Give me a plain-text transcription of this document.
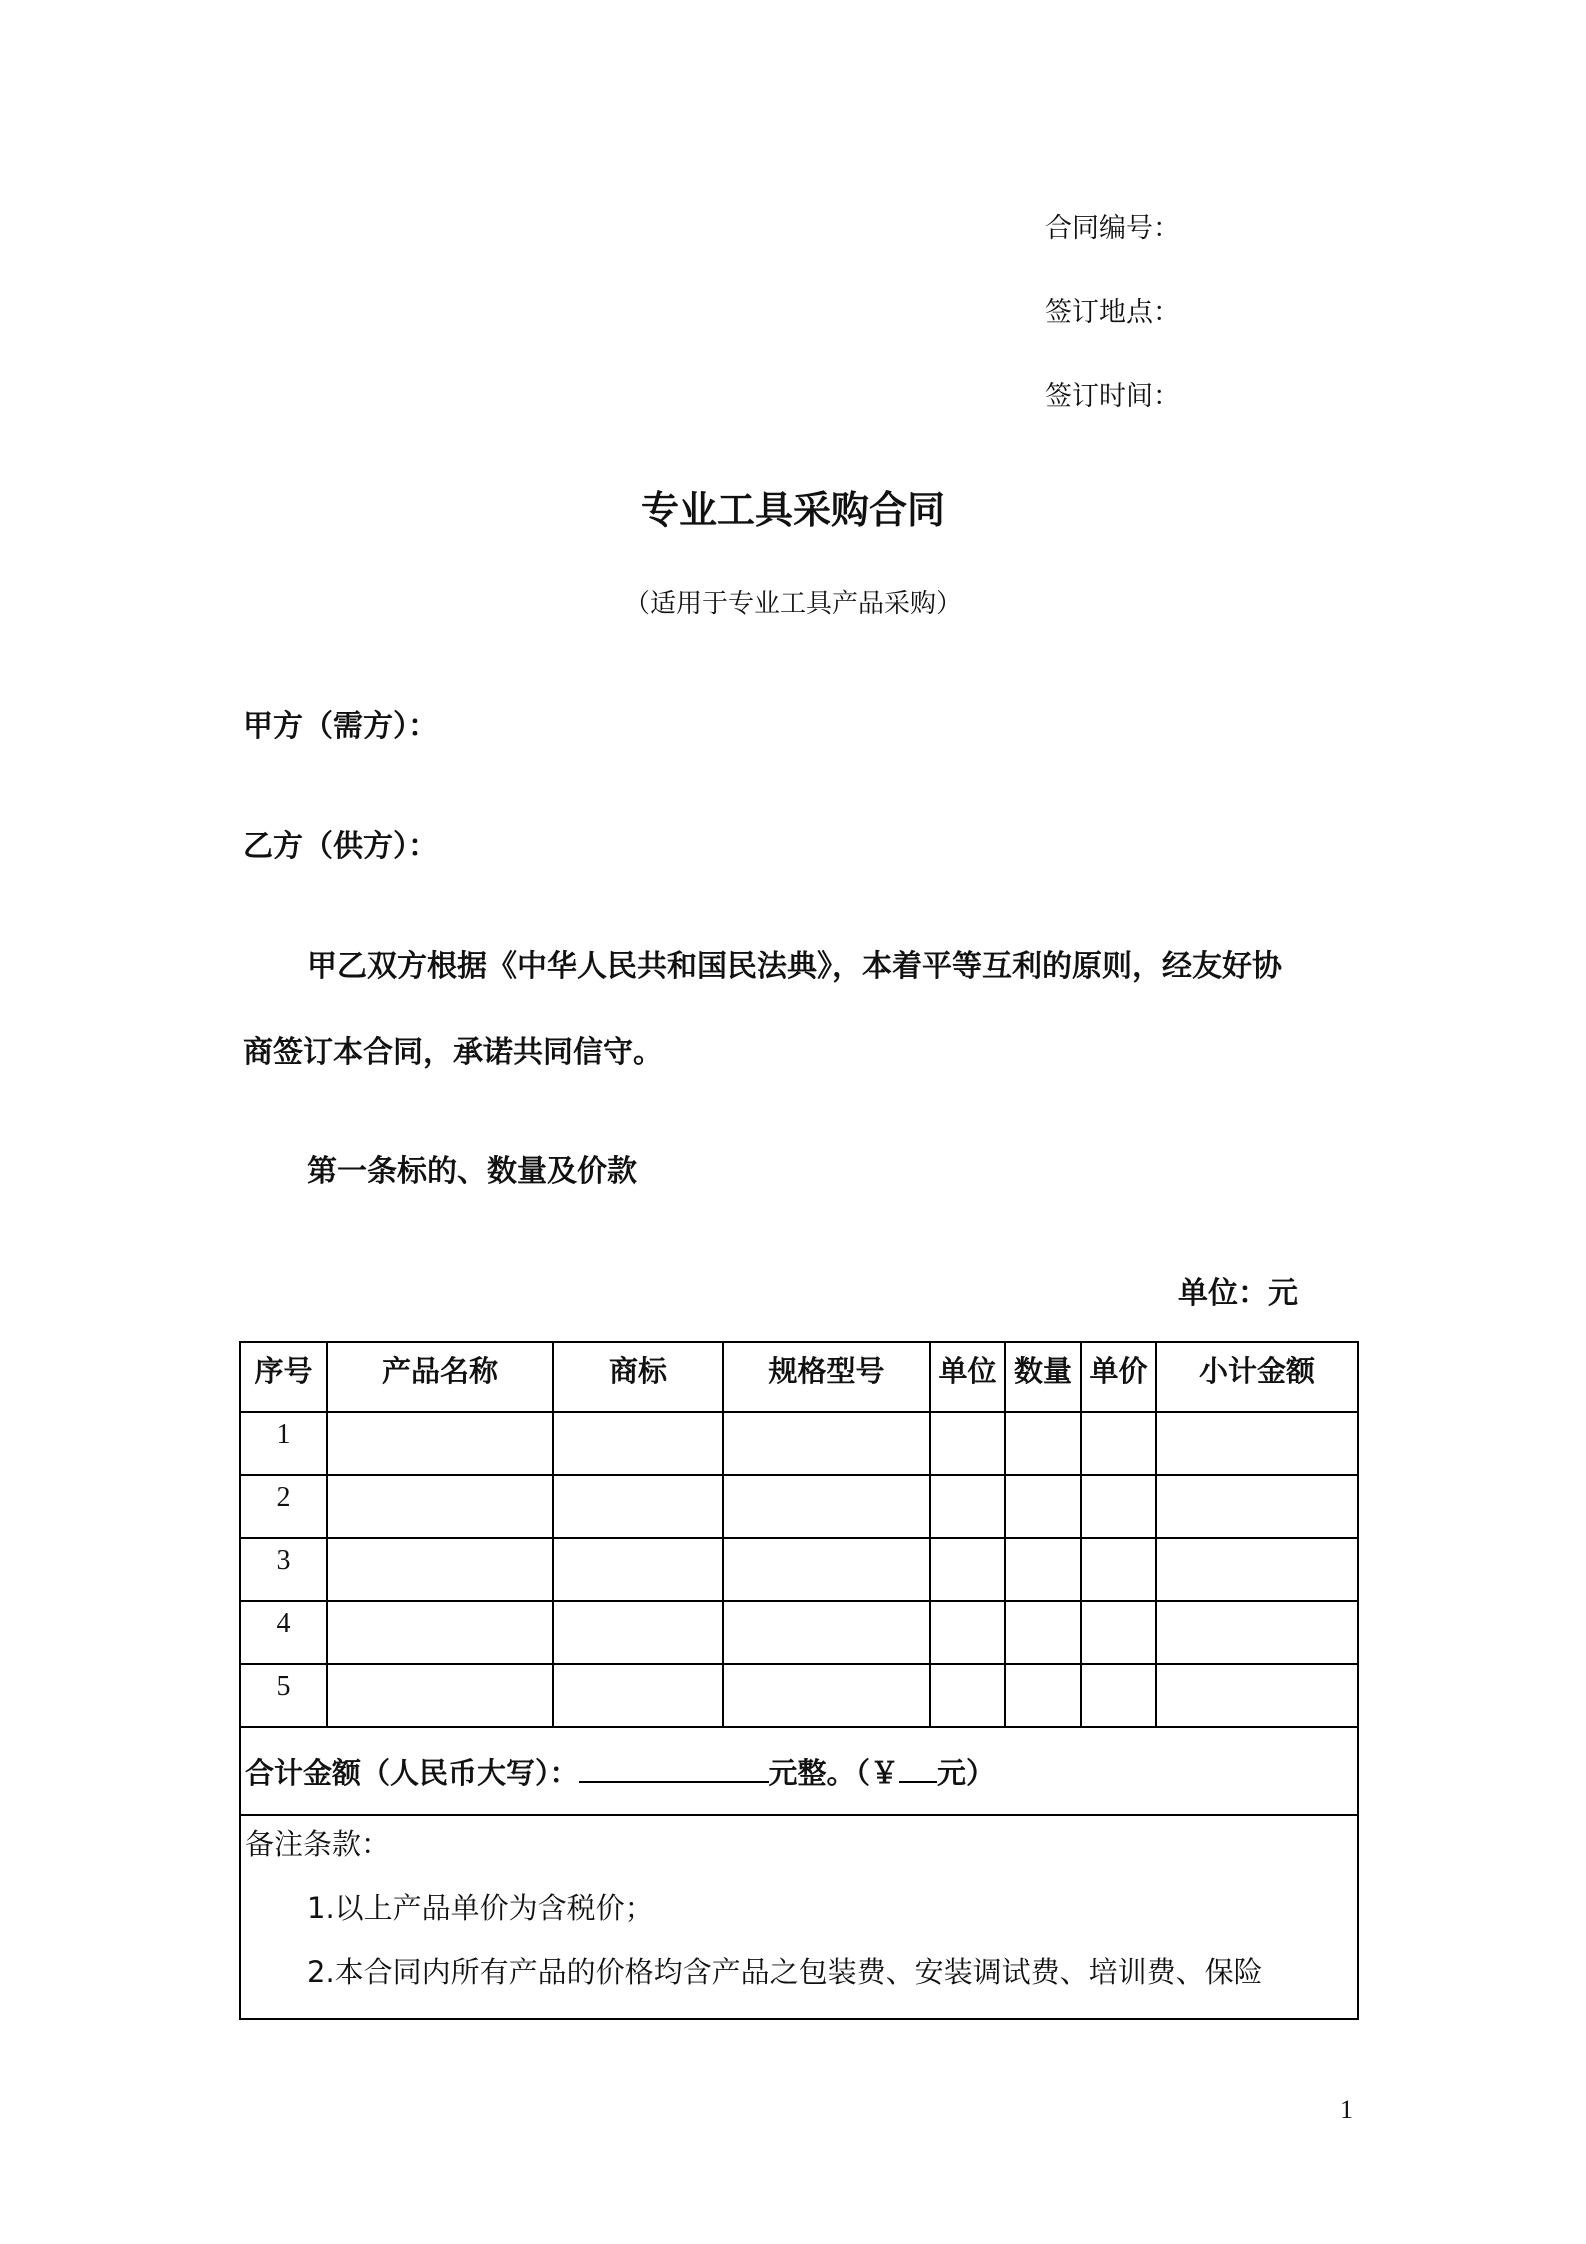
合同编号：
签订地点：
签订时间：
专业工具采购合同
（适用于专业工具产品采购）
甲方（需方）：
乙方（供方）：
甲乙双方根据《中华人民共和国民法典》，本着平等互利的原则，经友好协
商签订本合同，承诺共同信守。
第一条标的、数量及价款
单位：元
序号	产品名称	商标	规格型号	单位	数量	单价	小计金额
1							
2							
3							
4							
5							
合计金额（人民币大写）： 元整。（￥ 元）							

备注条款：
1.以上产品单价为含税价；
2.本合同内所有产品的价格均含产品之包装费、安装调试费、培训费、保险							
1
